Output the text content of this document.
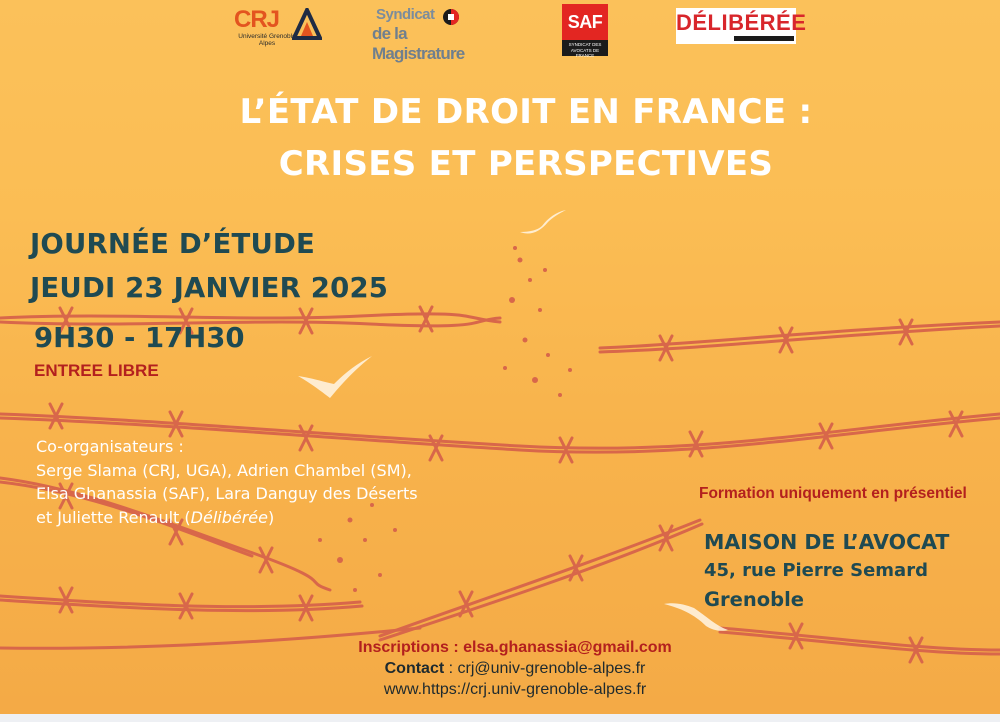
CRJ
Université Grenoble Alpes
Syndicat
de la Magistrature
SAF
SYNDICAT DES AVOCATS DE FRANCE
DÉLIBÉRÉE
L’ÉTAT DE DROIT EN FRANCE :
CRISES ET PERSPECTIVES
JOURNÉE D’ÉTUDE
JEUDI 23 JANVIER 2025
9H30 - 17H30
ENTREE LIBRE
Co-organisateurs :
Serge Slama (CRJ, UGA), Adrien Chambel (SM),
Elsa Ghanassia (SAF), Lara Danguy des Déserts
et Juliette Renault (Délibérée)
Formation uniquement en présentiel
MAISON DE L’AVOCAT
45, rue Pierre Semard
Grenoble
Inscriptions : elsa.ghanassia@gmail.com
Contact : crj@univ-grenoble-alpes.fr
www.https://crj.univ-grenoble-alpes.fr
